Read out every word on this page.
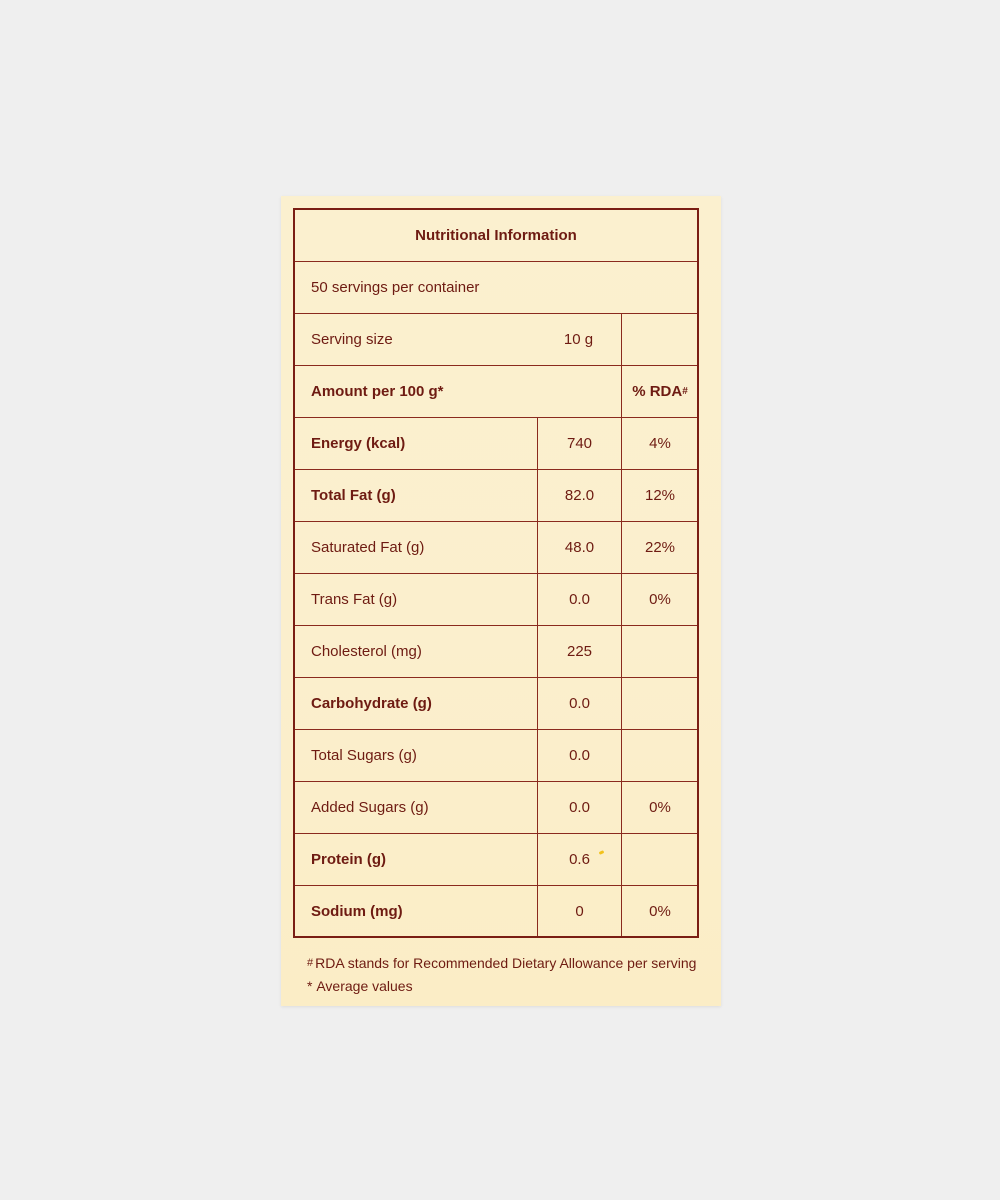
Nutritional Information
50 servings per container
Serving size	10 g
Amount per 100 g*	% RDA #
Energy (kcal)	740	4%
Total Fat (g)	82.0	12%
Saturated Fat (g)	48.0	22%
Trans Fat (g)	0.0	0%
Cholesterol (mg)	225
Carbohydrate (g)	0.0
Total Sugars (g)	0.0
Added Sugars (g)	0.0	0%
Protein (g)	0.6
Sodium (mg)	0	0%
# RDA stands for Recommended Dietary Allowance per serving
* Average values
